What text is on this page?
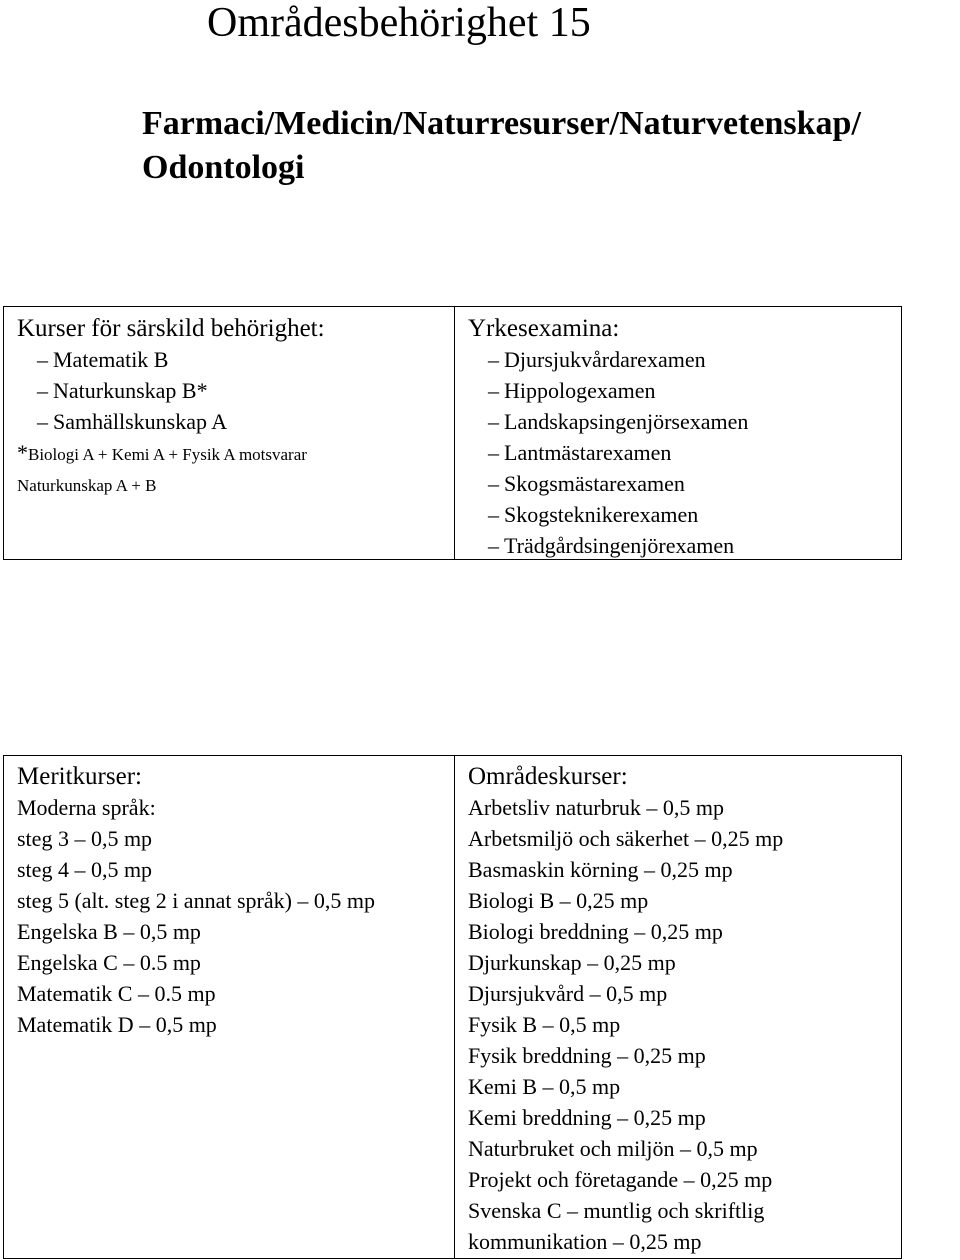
Områdesbehörighet 15
Farmaci/Medicin/Naturresurser/Naturvetenskap/ Odontologi
Kurser för särskild behörighet:
– Matematik B
– Naturkunskap B*
– Samhällskunskap A
*Biologi A + Kemi A + Fysik A motsvarar
Naturkunskap A + B
Yrkesexamina:
– Djursjukvårdarexamen
– Hippologexamen
– Landskapsingenjörsexamen
– Lantmästarexamen
– Skogsmästarexamen
– Skogsteknikerexamen
– Trädgårdsingenjörexamen
Meritkurser:
Moderna språk:
steg 3 – 0,5 mp
steg 4 – 0,5 mp
steg 5 (alt. steg 2 i annat språk) – 0,5 mp
Engelska B – 0,5 mp
Engelska C – 0.5 mp
Matematik C – 0.5 mp
Matematik D – 0,5 mp
Områdeskurser:
Arbetsliv naturbruk – 0,5 mp
Arbetsmiljö och säkerhet – 0,25 mp
Basmaskin körning – 0,25 mp
Biologi B – 0,25 mp
Biologi breddning – 0,25 mp
Djurkunskap – 0,25 mp
Djursjukvård – 0,5 mp
Fysik B – 0,5 mp
Fysik breddning – 0,25 mp
Kemi B – 0,5 mp
Kemi breddning – 0,25 mp
Naturbruket och miljön – 0,5 mp
Projekt och företagande – 0,25 mp
Svenska C – muntlig och skriftlig kommunikation – 0,25 mp
